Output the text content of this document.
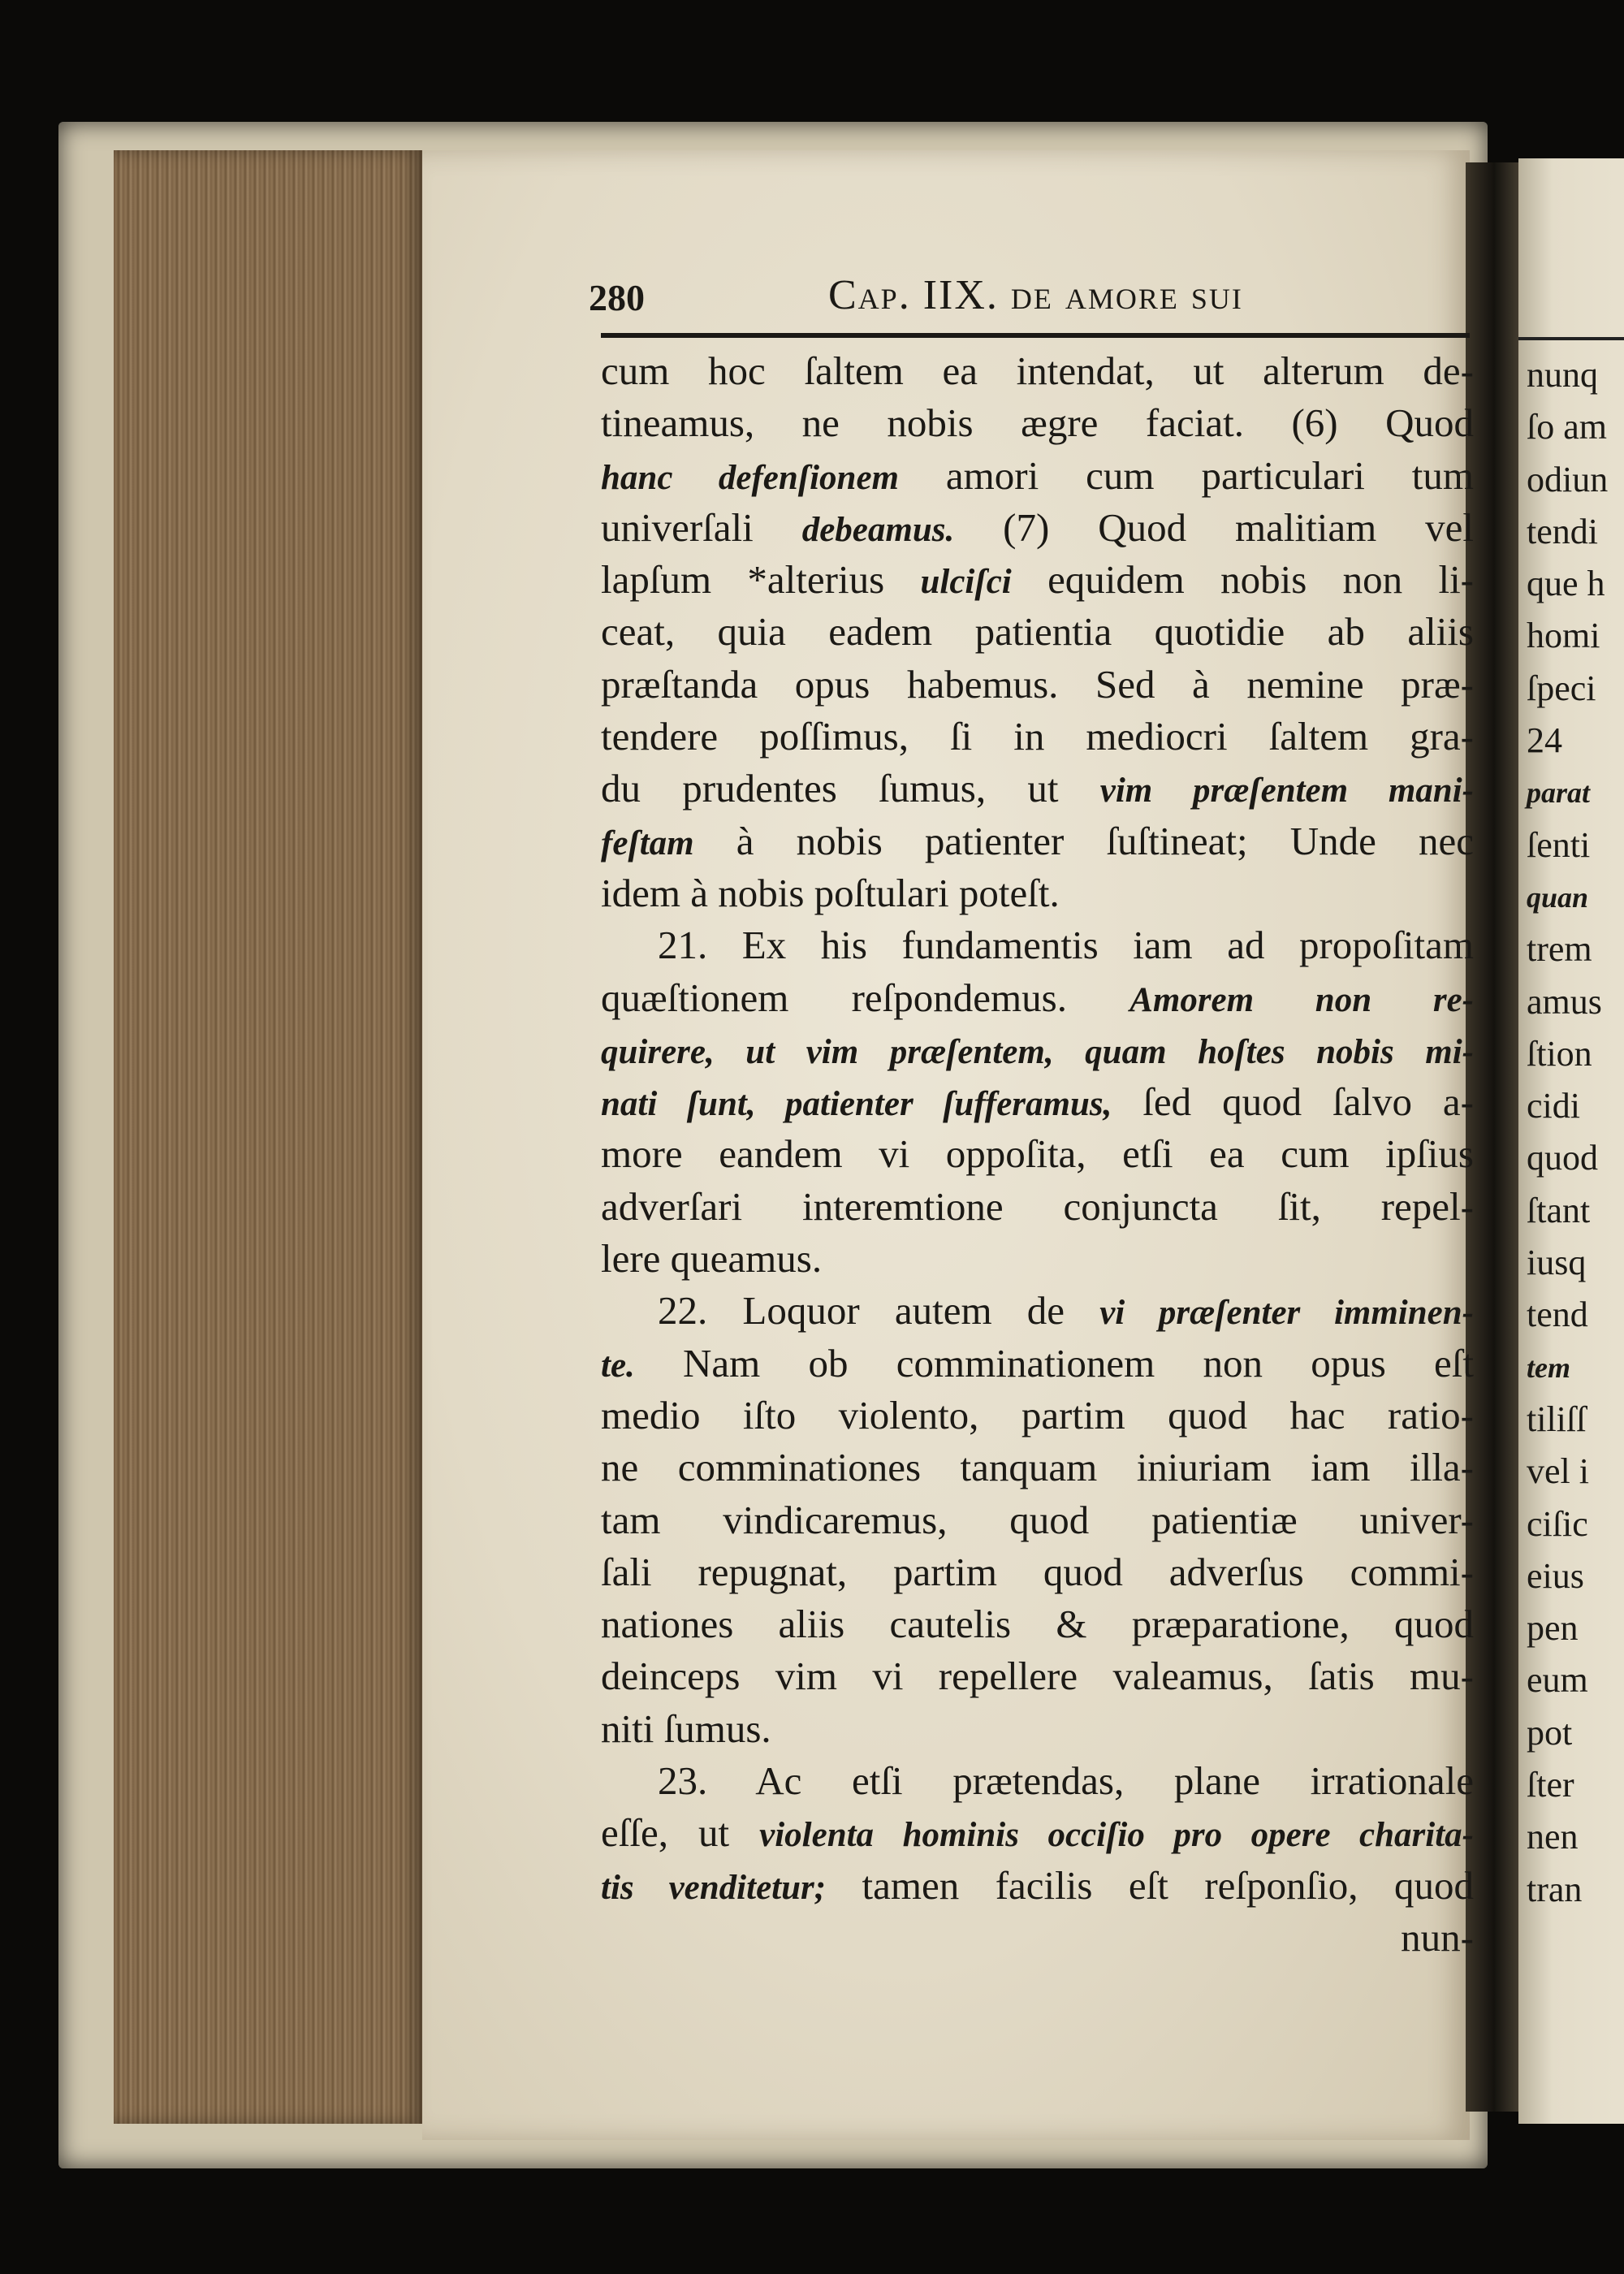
nunq
ſo am
odiun
tendi
que h
homi
ſpeci
24
parat
ſenti
quan
trem
amus
ſtion
cidi
quod
ſtant
iusq
tend
tem
tiliſſ
vel i
ciſic
eius
pen
eum
pot
ſter
nen
tran
280	Cap. IIX. de amore sui
cum hoc ſaltem ea intendat, ut alterum de-
tineamus, ne nobis ægre faciat. (6) Quod
hanc defenſionem amori cum particulari tum
univerſali debeamus. (7) Quod malitiam vel
lapſum *alterius ulciſci equidem nobis non li-
ceat, quia eadem patientia quotidie ab aliis
præſtanda opus habemus. Sed à nemine præ-
tendere poſſimus, ſi in mediocri ſaltem gra-
du prudentes ſumus, ut vim præſentem mani-
feſtam à nobis patienter ſuſtineat; Unde nec
idem à nobis poſtulari poteſt.
21. Ex his fundamentis iam ad propoſitam
quæſtionem reſpondemus. Amorem non re-
quirere, ut vim præſentem, quam hoſtes nobis mi-
nati ſunt, patienter ſufferamus, ſed quod ſalvo a-
more eandem vi oppoſita, etſi ea cum ipſius
adverſari interemtione conjuncta ſit, repel-
lere queamus.
22. Loquor autem de vi præſenter imminen-
te. Nam ob comminationem non opus eſt
medio iſto violento, partim quod hac ratio-
ne comminationes tanquam iniuriam iam illa-
tam vindicaremus, quod patientiæ univer-
ſali repugnat, partim quod adverſus commi-
nationes aliis cautelis & præparatione, quod
deinceps vim vi repellere valeamus, ſatis mu-
niti ſumus.
23. Ac etſi prætendas, plane irrationale
eſſe, ut violenta hominis occiſio pro opere charita-
tis venditetur; tamen facilis eſt reſponſio, quod
nun-
